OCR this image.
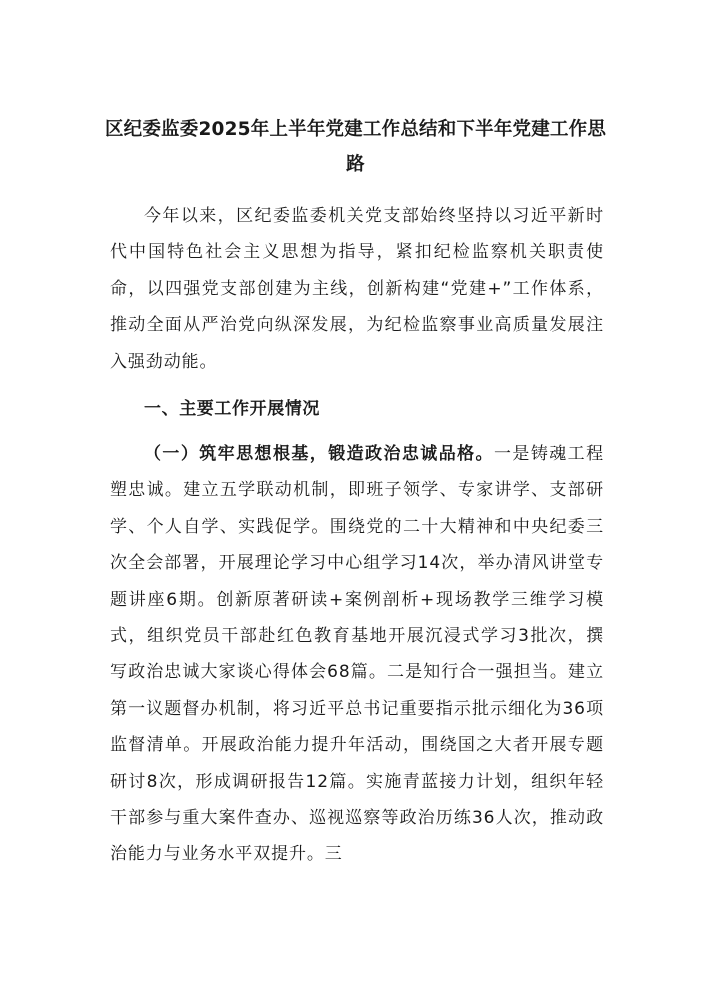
区纪委监委2025年上半年党建工作总结和下半年党建工作思路
今年以来，区纪委监委机关党支部始终坚持以习近平新时代中国特色社会主义思想为指导，紧扣纪检监察机关职责使命，以四强党支部创建为主线，创新构建“党建+”工作体系，推动全面从严治党向纵深发展，为纪检监察事业高质量发展注入强劲动能。
一、主要工作开展情况
（一）筑牢思想根基，锻造政治忠诚品格。一是铸魂工程塑忠诚。建立五学联动机制，即班子领学、专家讲学、支部研学、个人自学、实践促学。围绕党的二十大精神和中央纪委三次全会部署，开展理论学习中心组学习14次，举办清风讲堂专题讲座6期。创新原著研读+案例剖析+现场教学三维学习模式，组织党员干部赴红色教育基地开展沉浸式学习3批次，撰写政治忠诚大家谈心得体会68篇。二是知行合一强担当。建立第一议题督办机制，将习近平总书记重要指示批示细化为36项监督清单。开展政治能力提升年活动，围绕国之大者开展专题研讨8次，形成调研报告12篇。实施青蓝接力计划，组织年轻干部参与重大案件查办、巡视巡察等政治历练36人次，推动政治能力与业务水平双提升。三
